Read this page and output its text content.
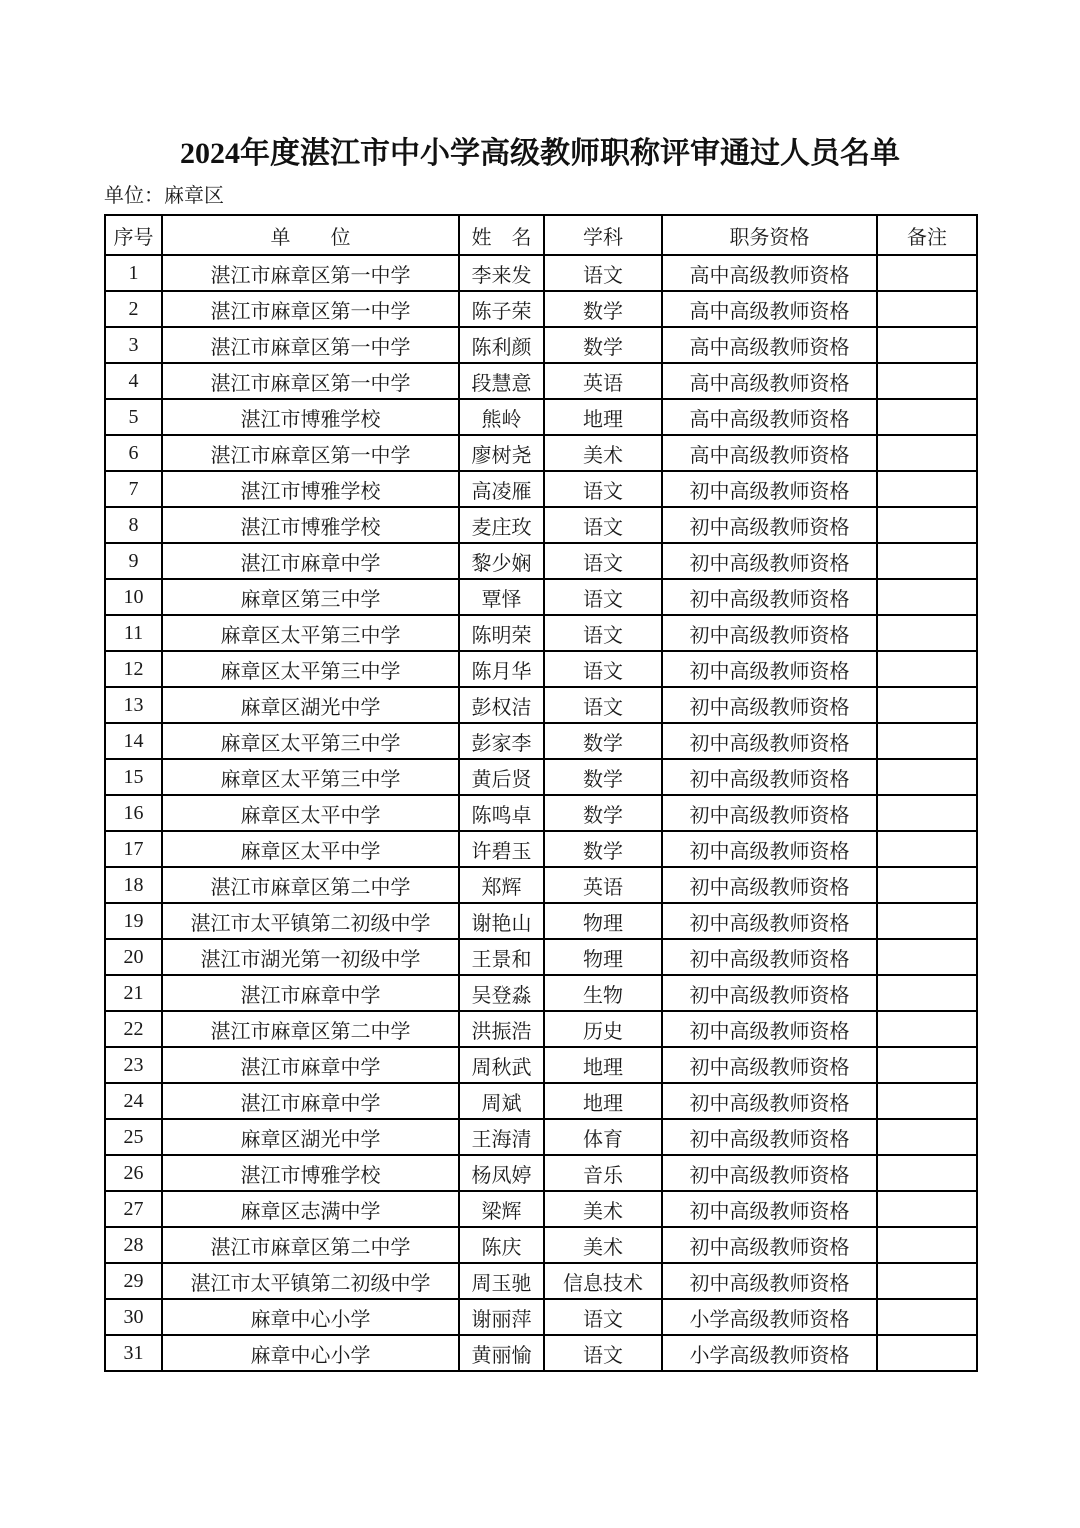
2024年度湛江市中小学高级教师职称评审通过人员名单
单位：麻章区
序号	单　　位	姓　名	学科	职务资格	备注
1	湛江市麻章区第一中学	李来发	语文	高中高级教师资格	
2	湛江市麻章区第一中学	陈子荣	数学	高中高级教师资格	
3	湛江市麻章区第一中学	陈利颜	数学	高中高级教师资格	
4	湛江市麻章区第一中学	段慧意	英语	高中高级教师资格	
5	湛江市博雅学校	熊岭	地理	高中高级教师资格	
6	湛江市麻章区第一中学	廖树尧	美术	高中高级教师资格	
7	湛江市博雅学校	高凌雁	语文	初中高级教师资格	
8	湛江市博雅学校	麦庄玫	语文	初中高级教师资格	
9	湛江市麻章中学	黎少娴	语文	初中高级教师资格	
10	麻章区第三中学	覃怿	语文	初中高级教师资格	
11	麻章区太平第三中学	陈明荣	语文	初中高级教师资格	
12	麻章区太平第三中学	陈月华	语文	初中高级教师资格	
13	麻章区湖光中学	彭权洁	语文	初中高级教师资格	
14	麻章区太平第三中学	彭家李	数学	初中高级教师资格	
15	麻章区太平第三中学	黄后贤	数学	初中高级教师资格	
16	麻章区太平中学	陈鸣卓	数学	初中高级教师资格	
17	麻章区太平中学	许碧玉	数学	初中高级教师资格	
18	湛江市麻章区第二中学	郑辉	英语	初中高级教师资格	
19	湛江市太平镇第二初级中学	谢艳山	物理	初中高级教师资格	
20	湛江市湖光第一初级中学	王景和	物理	初中高级教师资格	
21	湛江市麻章中学	吴登淼	生物	初中高级教师资格	
22	湛江市麻章区第二中学	洪振浩	历史	初中高级教师资格	
23	湛江市麻章中学	周秋武	地理	初中高级教师资格	
24	湛江市麻章中学	周斌	地理	初中高级教师资格	
25	麻章区湖光中学	王海清	体育	初中高级教师资格	
26	湛江市博雅学校	杨凤婷	音乐	初中高级教师资格	
27	麻章区志满中学	梁辉	美术	初中高级教师资格	
28	湛江市麻章区第二中学	陈庆	美术	初中高级教师资格	
29	湛江市太平镇第二初级中学	周玉驰	信息技术	初中高级教师资格	
30	麻章中心小学	谢丽萍	语文	小学高级教师资格	
31	麻章中心小学	黄丽愉	语文	小学高级教师资格	
